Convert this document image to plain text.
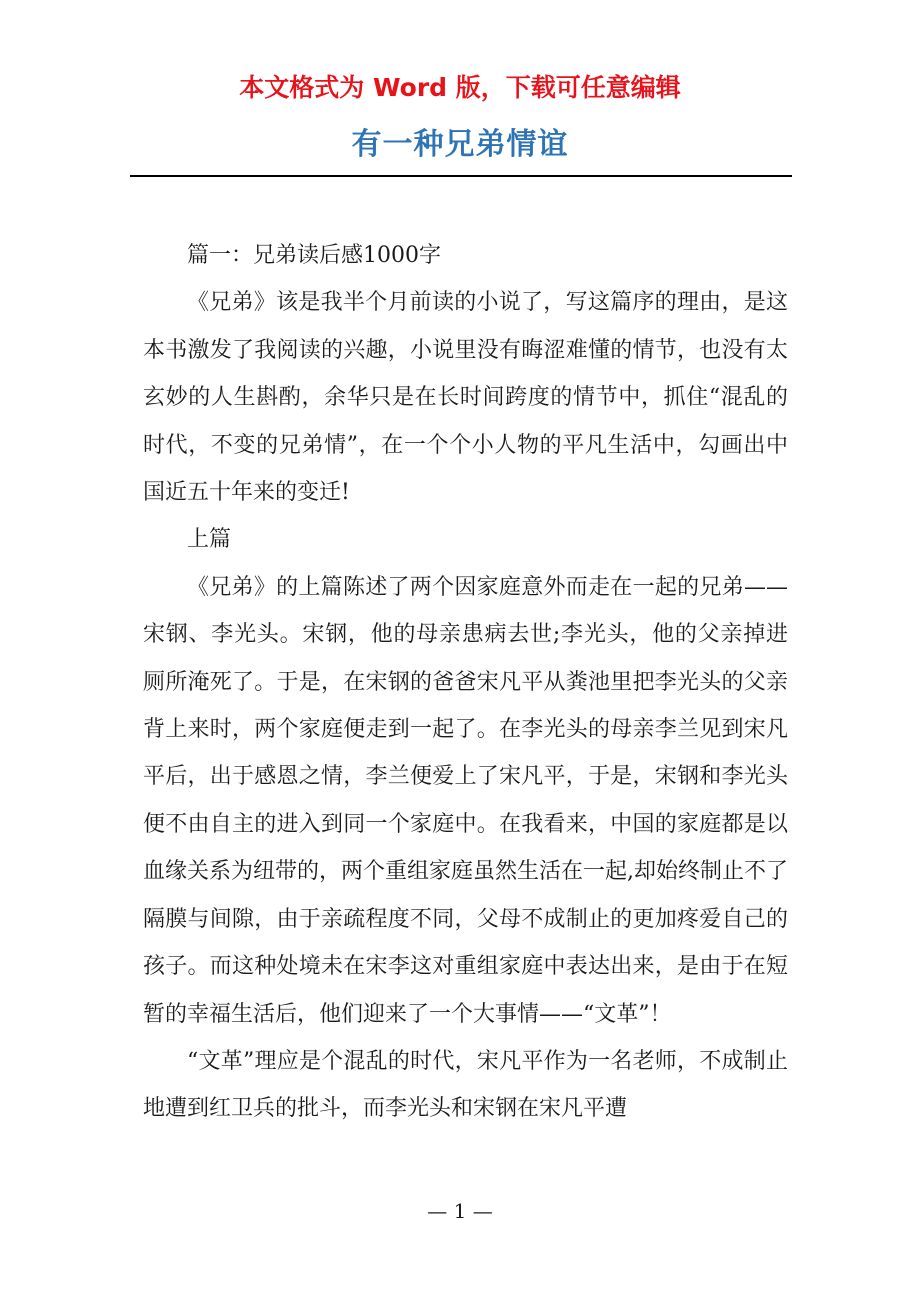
本文格式为 Word 版，下载可任意编辑
有一种兄弟情谊

篇一：兄弟读后感1000字

《兄弟》该是我半个月前读的小说了，写这篇序的理由，是这本书激发了我阅读的兴趣，小说里没有晦涩难懂的情节，也没有太玄妙的人生斟酌，余华只是在长时间跨度的情节中，抓住“混乱的时代，不变的兄弟情”，在一个个小人物的平凡生活中，勾画出中国近五十年来的变迁!

上篇

《兄弟》的上篇陈述了两个因家庭意外而走在一起的兄弟——宋钢、李光头。宋钢，他的母亲患病去世;李光头，他的父亲掉进厕所淹死了。于是，在宋钢的爸爸宋凡平从粪池里把李光头的父亲背上来时，两个家庭便走到一起了。在李光头的母亲李兰见到宋凡平后，出于感恩之情，李兰便爱上了宋凡平，于是，宋钢和李光头便不由自主的进入到同一个家庭中。在我看来，中国的家庭都是以血缘关系为纽带的，两个重组家庭虽然生活在一起,却始终制止不了隔膜与间隙，由于亲疏程度不同，父母不成制止的更加疼爱自己的孩子。而这种处境未在宋李这对重组家庭中表达出来，是由于在短暂的幸福生活后，他们迎来了一个大事情——“文革”！

“文革”理应是个混乱的时代，宋凡平作为一名老师，不成制止地遭到红卫兵的批斗，而李光头和宋钢在宋凡平遭

— 1 —
